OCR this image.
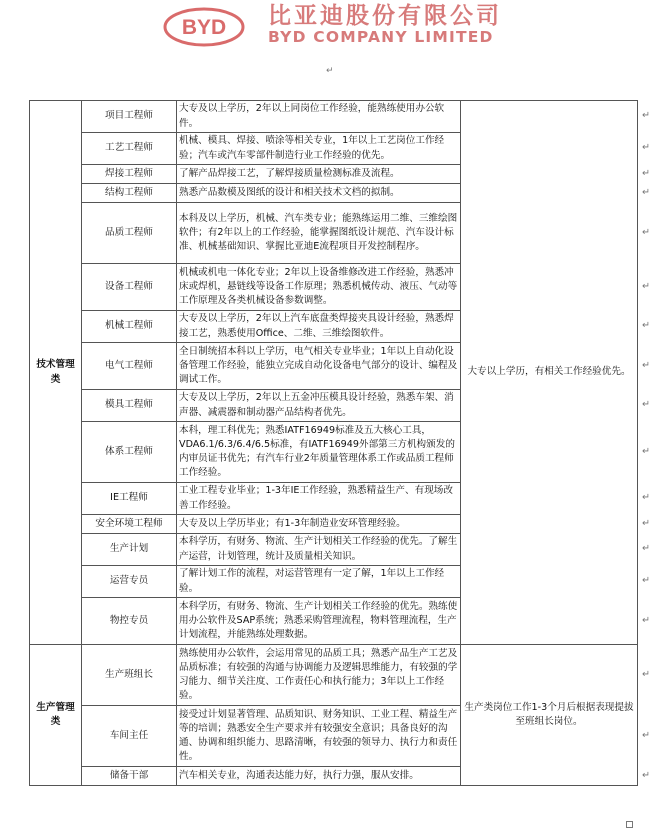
BYD 比亚迪股份有限公司
BYD COMPANY LIMITED
↵
技术管理类	项目工程师	大专及以上学历，2年以上同岗位工作经验，能熟练使用办公软件。	大专以上学历，有相关工作经验优先。	↵
	工艺工程师	机械、模具、焊接、喷涂等相关专业，1年以上工艺岗位工作经验；汽车或汽车零部件制造行业工作经验的优先。		↵
	焊接工程师	了解产品焊接工艺，了解焊接质量检测标准及流程。		↵
	结构工程师	熟悉产品数模及图纸的设计和相关技术文档的拟制。		↵
	品质工程师	本科及以上学历，机械、汽车类专业；能熟练运用二维、三维绘图软件；有2年以上的工作经验，能掌握图纸设计规范、汽车设计标准、机械基础知识、掌握比亚迪E流程项目开发控制程序。		↵
	设备工程师	机械或机电一体化专业；2年以上设备维修改进工作经验，熟悉冲床或焊机，悬链线等设备工作原理；熟悉机械传动、液压、气动等工作原理及各类机械设备参数调整。		↵
	机械工程师	大专及以上学历，2年以上汽车底盘类焊接夹具设计经验，熟悉焊接工艺，熟悉使用Office、二维、三维绘图软件。		↵
	电气工程师	全日制统招本科以上学历，电气相关专业毕业；1年以上自动化设备管理工作经验，能独立完成自动化设备电气部分的设计、编程及调试工作。		↵
	模具工程师	大专及以上学历，2年以上五金冲压模具设计经验，熟悉车架、消声器、减震器和制动器产品结构者优先。		↵
	体系工程师	本科，理工科优先；熟悉IATF16949标准及五大核心工具，VDA6.1/6.3/6.4/6.5标准，有IATF16949外部第三方机构颁发的内审员证书优先；有汽车行业2年质量管理体系工作或品质工程师工作经验。		↵
	IE工程师	工业工程专业毕业；1-3年IE工作经验，熟悉精益生产、有现场改善工作经验。		↵
	安全环境工程师	大专及以上学历毕业；有1-3年制造业安环管理经验。		↵
	生产计划	本科学历，有财务、物流、生产计划相关工作经验的优先。了解生产运营，计划管理，统计及质量相关知识。		↵
	运营专员	了解计划工作的流程，对运营管理有一定了解，1年以上工作经验。		↵
	物控专员	本科学历，有财务、物流、生产计划相关工作经验的优先。熟练使用办公软件及SAP系统；熟悉采购管理流程，物料管理流程，生产计划流程，并能熟练处理数据。		↵
生产管理类	生产班组长	熟练使用办公软件，会运用常见的品质工具；熟悉产品生产工艺及品质标准；有较强的沟通与协调能力及逻辑思维能力，有较强的学习能力、细节关注度、工作责任心和执行能力；3年以上工作经验。	生产类岗位工作1-3个月后根据表现提拔至班组长岗位。	↵
	车间主任	接受过计划显著管理、品质知识、财务知识、工业工程、精益生产等的培训；熟悉安全生产要求并有较强安全意识；具备良好的沟通、协调和组织能力、思路清晰，有较强的领导力、执行力和责任性。		↵
	储备干部	汽车相关专业，沟通表达能力好，执行力强，服从安排。		↵
